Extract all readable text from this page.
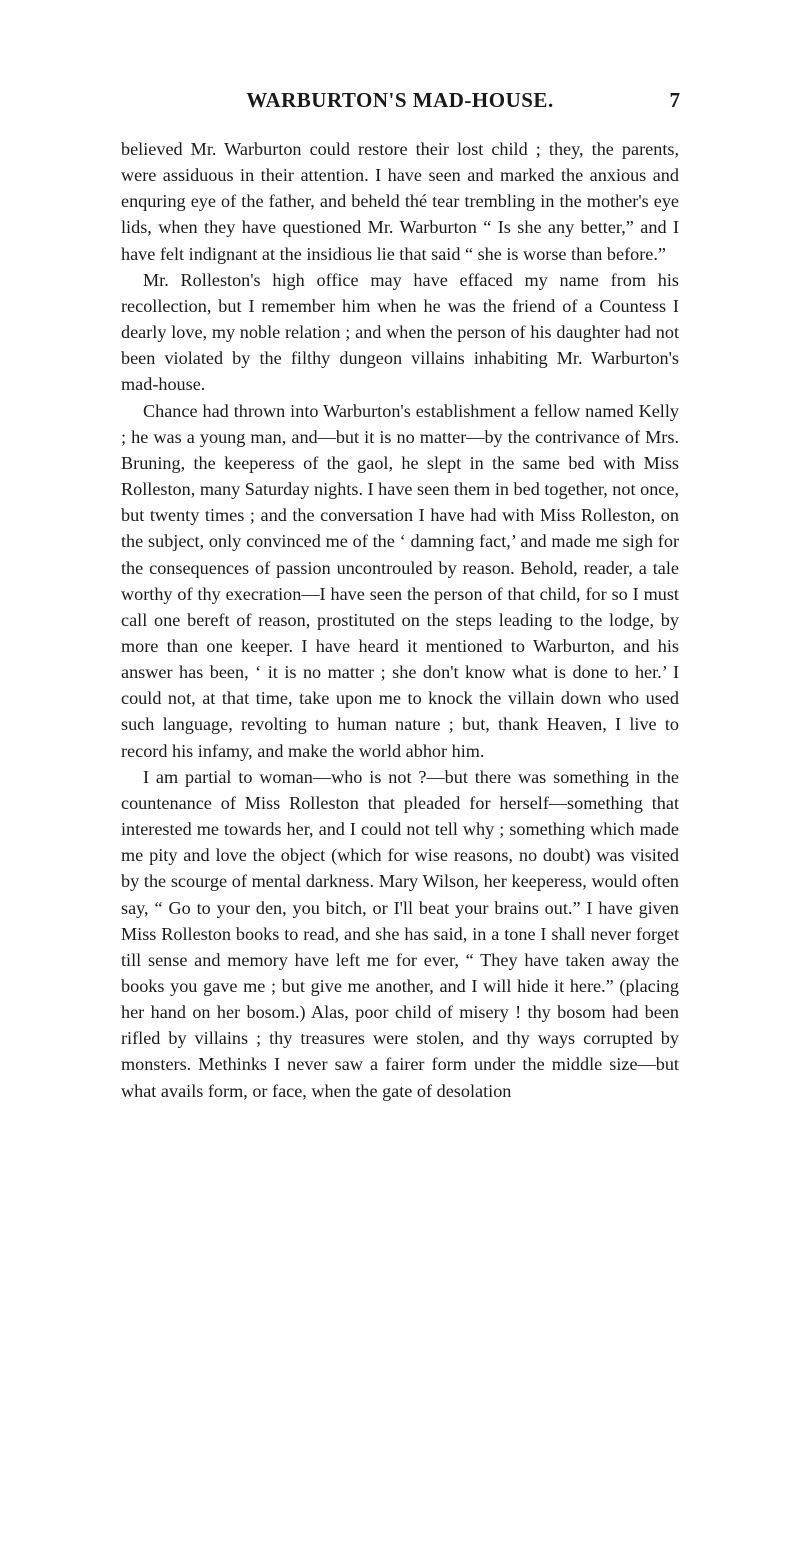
WARBURTON'S MAD-HOUSE.	7

believed Mr. Warburton could restore their lost child ; they, the parents, were assiduous in their attention. I have seen and marked the anxious and enquring eye of the father, and beheld thé tear trembling in the mother's eye lids, when they have questioned Mr. Warburton “ Is she any better,” and I have felt indignant at the insidious lie that said “ she is worse than before.”

Mr. Rolleston's high office may have effaced my name from his recollection, but I remember him when he was the friend of a Countess I dearly love, my noble relation ; and when the person of his daughter had not been violated by the filthy dungeon villains inhabiting Mr. Warburton's mad-house.

Chance had thrown into Warburton's establishment a fellow named Kelly ; he was a young man, and—but it is no matter—by the contrivance of Mrs. Bruning, the keeperess of the gaol, he slept in the same bed with Miss Rolleston, many Saturday nights. I have seen them in bed together, not once, but twenty times ; and the conversation I have had with Miss Rolleston, on the subject, only convinced me of the ‘ damning fact,’ and made me sigh for the consequences of passion uncontrouled by reason. Behold, reader, a tale worthy of thy execration—I have seen the person of that child, for so I must call one bereft of reason, prostituted on the steps leading to the lodge, by more than one keeper. I have heard it mentioned to Warburton, and his answer has been, ‘ it is no matter ; she don't know what is done to her.’ I could not, at that time, take upon me to knock the villain down who used such language, revolting to human nature ; but, thank Heaven, I live to record his infamy, and make the world abhor him.

I am partial to woman—who is not ?—but there was something in the countenance of Miss Rolleston that pleaded for herself—something that interested me towards her, and I could not tell why ; something which made me pity and love the object (which for wise reasons, no doubt) was visited by the scourge of mental darkness. Mary Wilson, her keeperess, would often say, “ Go to your den, you bitch, or I'll beat your brains out.” I have given Miss Rolleston books to read, and she has said, in a tone I shall never forget till sense and memory have left me for ever, “ They have taken away the books you gave me ; but give me another, and I will hide it here.” (placing her hand on her bosom.) Alas, poor child of misery ! thy bosom had been rifled by villains ; thy treasures were stolen, and thy ways corrupted by monsters. Methinks I never saw a fairer form under the middle size—but what avails form, or face, when the gate of desolation
